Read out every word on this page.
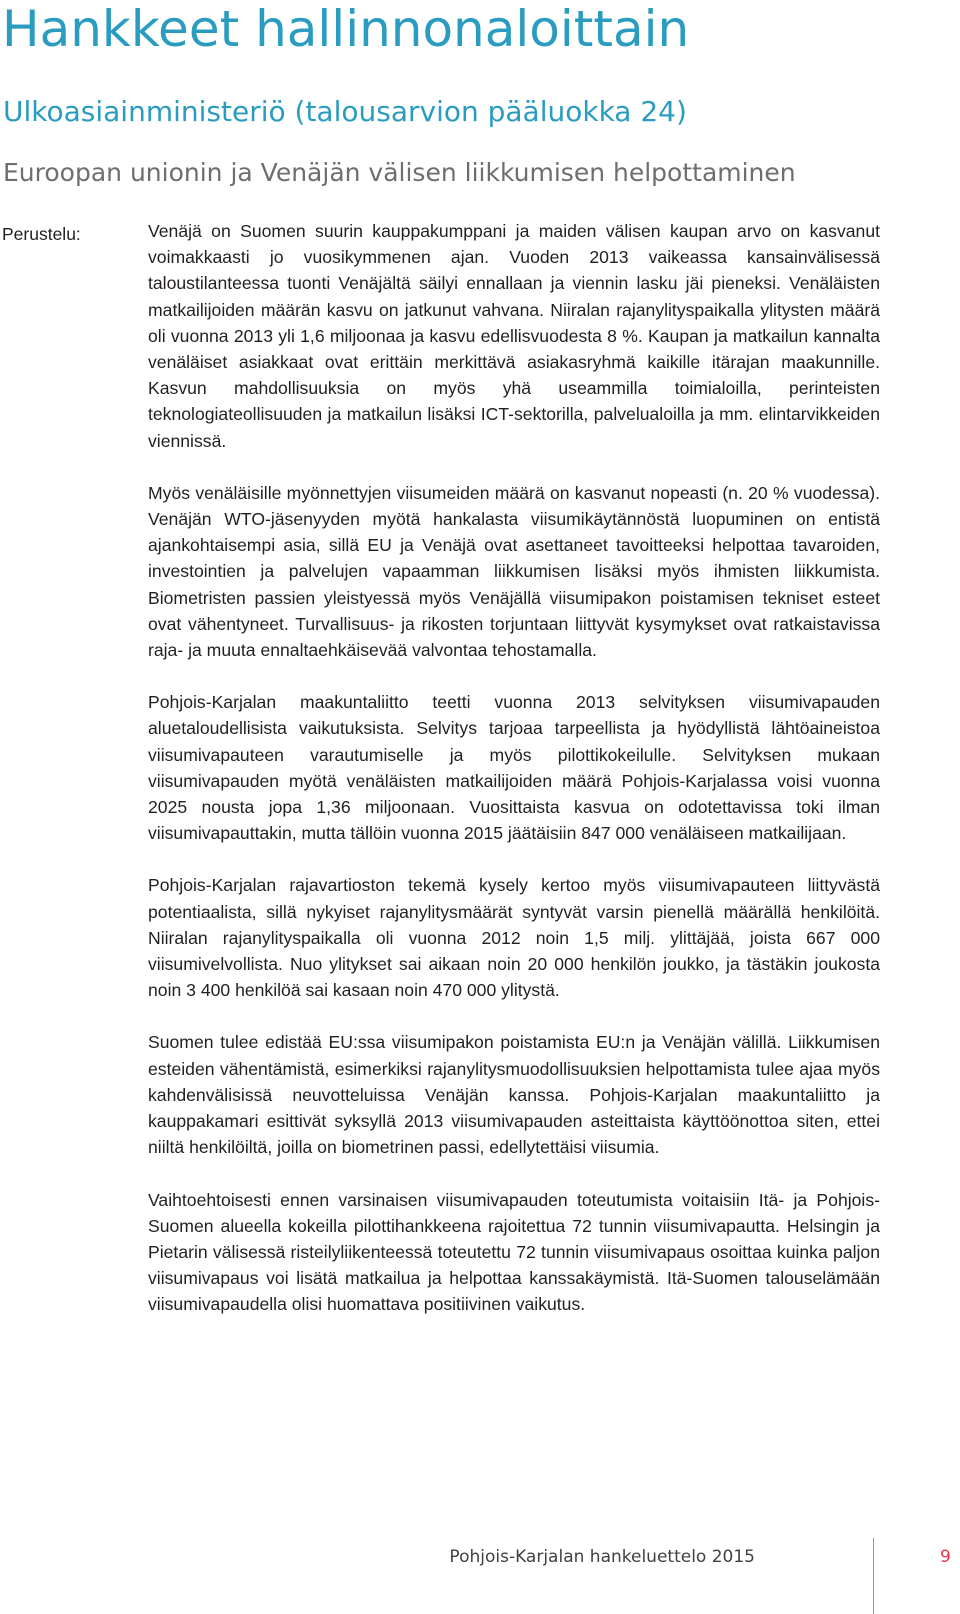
Hankkeet hallinnonaloittain
Ulkoasiainministeriö (talousarvion pääluokka 24)
Euroopan unionin ja Venäjän välisen liikkumisen helpottaminen
Perustelu:	Venäjä on Suomen suurin kauppakumppani ja maiden välisen kaupan arvo on kasvanut voimakkaasti jo vuosikymmenen ajan. Vuoden 2013 vaikeassa kansainvälisessä taloustilanteessa tuonti Venäjältä säilyi ennallaan ja viennin lasku jäi pieneksi. Venäläisten matkailijoiden määrän kasvu on jatkunut vahvana. Niiralan rajanylityspaikalla ylitysten määrä oli vuonna 2013 yli 1,6 miljoonaa ja kasvu edellisvuodesta 8 %. Kaupan ja matkailun kannalta venäläiset asiakkaat ovat erittäin merkittävä asiakasryhmä kaikille itärajan maakunnille. Kasvun mahdollisuuksia on myös yhä useammilla toimialoilla, perinteisten teknologiateollisuuden ja matkailun lisäksi ICT-sektorilla, palvelualoilla ja mm. elintarvikkeiden viennissä.

Myös venäläisille myönnettyjen viisumeiden määrä on kasvanut nopeasti (n. 20 % vuodessa). Venäjän WTO-jäsenyyden myötä hankalasta viisumikäytännöstä luopuminen on entistä ajankohtaisempi asia, sillä EU ja Venäjä ovat asettaneet tavoitteeksi helpottaa tavaroiden, investointien ja palvelujen vapaamman liikkumisen lisäksi myös ihmisten liikkumista. Biometristen passien yleistyessä myös Venäjällä viisumipakon poistamisen tekniset esteet ovat vähentyneet. Turvallisuus- ja rikosten torjuntaan liittyvät kysymykset ovat ratkaistavissa raja- ja muuta ennaltaehkäisevää valvontaa tehostamalla.

Pohjois-Karjalan maakuntaliitto teetti vuonna 2013 selvityksen viisumivapauden aluetaloudellisista vaikutuksista. Selvitys tarjoaa tarpeellista ja hyödyllistä lähtöaineistoa viisumivapauteen varautumiselle ja myös pilottikokeilulle. Selvityksen mukaan viisumivapauden myötä venäläisten matkailijoiden määrä Pohjois-Karjalassa voisi vuonna 2025 nousta jopa 1,36 miljoonaan. Vuosittaista kasvua on odotettavissa toki ilman viisumivapauttakin, mutta tällöin vuonna 2015 jäätäisiin 847 000 venäläiseen matkailijaan.

Pohjois-Karjalan rajavartioston tekemä kysely kertoo myös viisumivapauteen liittyvästä potentiaalista, sillä nykyiset rajanylitysmäärät syntyvät varsin pienellä määrällä henkilöitä. Niiralan rajanylityspaikalla oli vuonna 2012 noin 1,5 milj. ylittäjää, joista 667 000 viisumivelvollista. Nuo ylitykset sai aikaan noin 20 000 henkilön joukko, ja tästäkin joukosta noin 3 400 henkilöä sai kasaan noin 470 000 ylitystä.

Suomen tulee edistää EU:ssa viisumipakon poistamista EU:n ja Venäjän välillä. Liikkumisen esteiden vähentämistä, esimerkiksi rajanylitysmuodollisuuksien helpottamista tulee ajaa myös kahdenvälisissä neuvotteluissa Venäjän kanssa. Pohjois-Karjalan maakuntaliitto ja kauppakamari esittivät syksyllä 2013 viisumivapauden asteittaista käyttöönottoa siten, ettei niiltä henkilöiltä, joilla on biometrinen passi, edellytettäisi viisumia.

Vaihtoehtoisesti ennen varsinaisen viisumivapauden toteutumista voitaisiin Itä- ja Pohjois-Suomen alueella kokeilla pilottihankkeena rajoitettua 72 tunnin viisumivapautta. Helsingin ja Pietarin välisessä risteilyliikenteessä toteutettu 72 tunnin viisumivapaus osoittaa kuinka paljon viisumivapaus voi lisätä matkailua ja helpottaa kanssakäymistä. Itä-Suomen talouselämään viisumivapaudella olisi huomattava positiivinen vaikutus.

Pohjois-Karjalan hankeluettelo 2015	9
